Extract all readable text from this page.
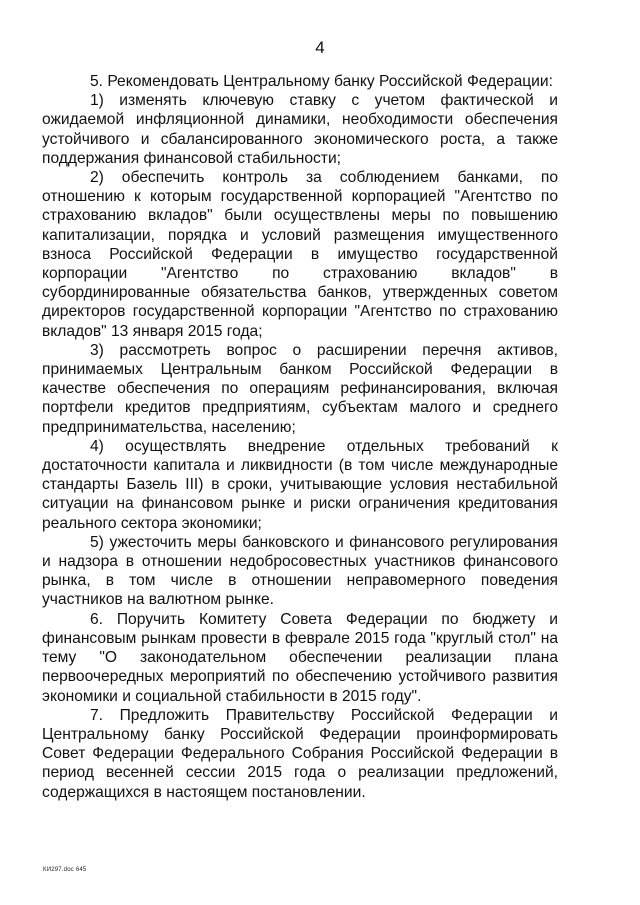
4

5. Рекомендовать Центральному банку Российской Федерации:

1) изменять ключевую ставку с учетом фактической и ожидаемой инфляционной динамики, необходимости обеспечения устойчивого и сбалансированного экономического роста, а также поддержания финансовой стабильности;

2) обеспечить контроль за соблюдением банками, по отношению к которым государственной корпорацией "Агентство по страхованию вкладов" были осуществлены меры по повышению капитализации, порядка и условий размещения имущественного взноса Российской Федерации в имущество государственной корпорации "Агентство по страхованию вкладов" в субординированные обязательства банков, утвержденных советом директоров государственной корпорации "Агентство по страхованию вкладов" 13 января 2015 года;

3) рассмотреть вопрос о расширении перечня активов, принимаемых Центральным банком Российской Федерации в качестве обеспечения по операциям рефинансирования, включая портфели кредитов предприятиям, субъектам малого и среднего предпринимательства, населению;

4) осуществлять внедрение отдельных требований к достаточности капитала и ликвидности (в том числе международные стандарты Базель III) в сроки, учитывающие условия нестабильной ситуации на финансовом рынке и риски ограничения кредитования реального сектора экономики;

5) ужесточить меры банковского и финансового регулирования и надзора в отношении недобросовестных участников финансового рынка, в том числе в отношении неправомерного поведения участников на валютном рынке.

6. Поручить Комитету Совета Федерации по бюджету и финансовым рынкам провести в феврале 2015 года "круглый стол" на тему "О законодательном обеспечении реализации плана первоочередных мероприятий по обеспечению устойчивого развития экономики и социальной стабильности в 2015 году".

7. Предложить Правительству Российской Федерации и Центральному банку Российской Федерации проинформировать Совет Федерации Федерального Собрания Российской Федерации в период весенней сессии 2015 года о реализации предложений, содержащихся в настоящем постановлении.

КИ297.doc 645
